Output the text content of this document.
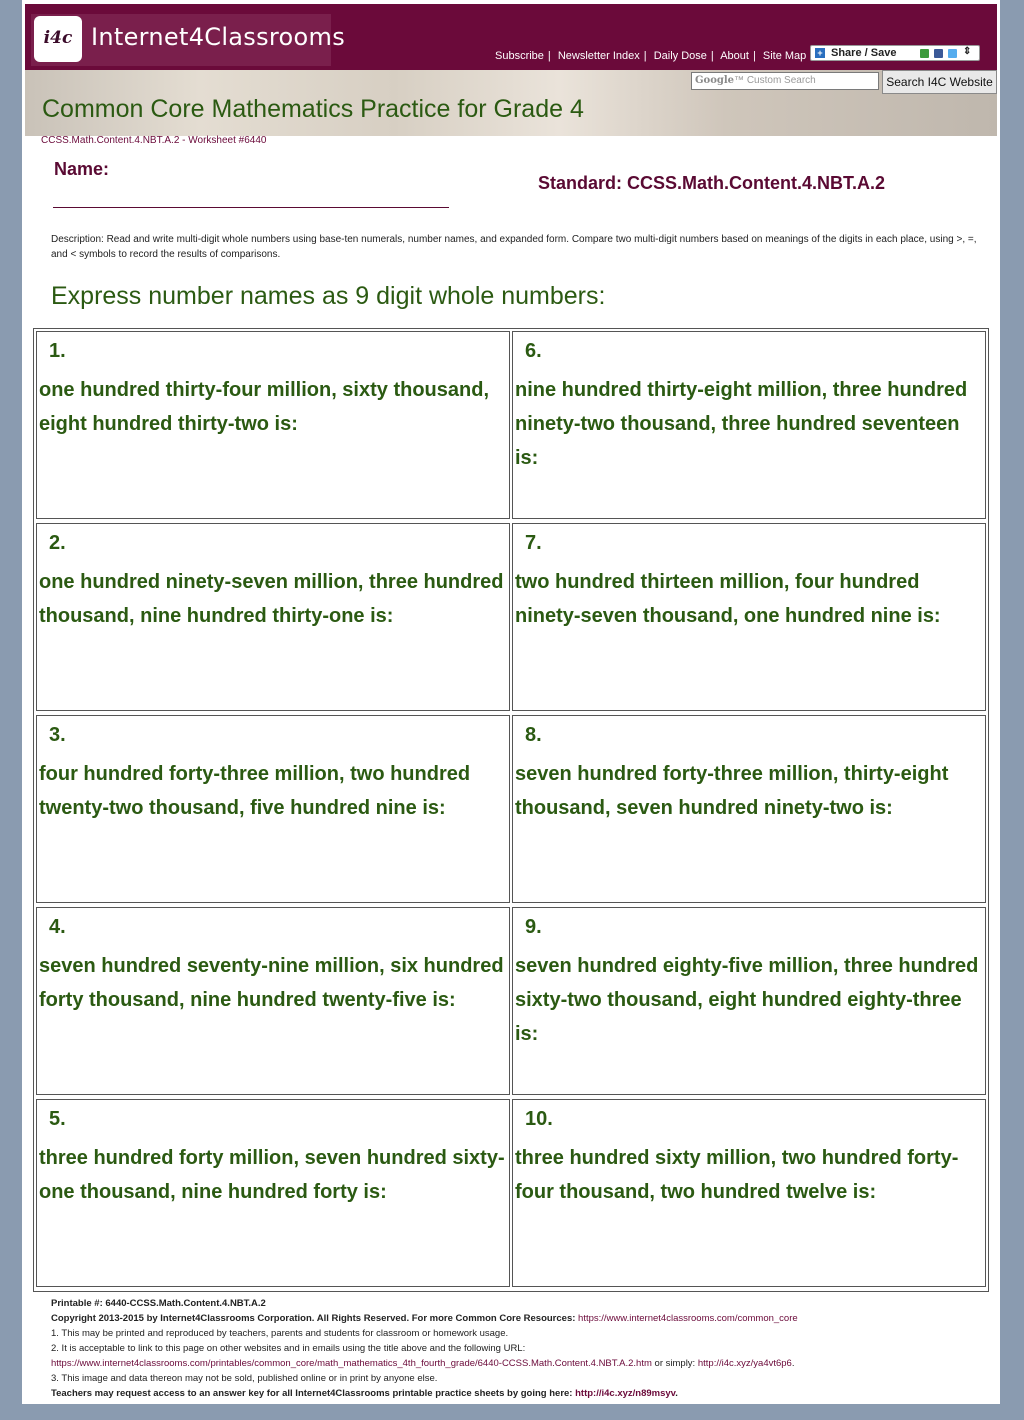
i4c Internet4Classrooms
Subscribe | Newsletter Index | Daily Dose | About | Site Map + Share / Save	⇕
Google™ Custom Search	Search I4C Website
Common Core Mathematics Practice for Grade 4
CCSS.Math.Content.4.NBT.A.2 - Worksheet #6440
Name:
Standard: CCSS.Math.Content.4.NBT.A.2
Description: Read and write multi-digit whole numbers using base-ten numerals, number names, and expanded form. Compare two multi-digit numbers based on meanings of the digits in each place, using >, =, and < symbols to record the results of comparisons.
Express number names as 9 digit whole numbers:
1.
one hundred thirty-four million, sixty thousand, eight hundred thirty-two is:
2.
one hundred ninety-seven million, three hundred thousand, nine hundred thirty-one is:
3.
four hundred forty-three million, two hundred twenty-two thousand, five hundred nine is:
4.
seven hundred seventy-nine million, six hundred forty thousand, nine hundred twenty-five is:
5.
three hundred forty million, seven hundred sixty-one thousand, nine hundred forty is:
6.
nine hundred thirty-eight million, three hundred ninety-two thousand, three hundred seventeen is:
7.
two hundred thirteen million, four hundred ninety-seven thousand, one hundred nine is:
8.
seven hundred forty-three million, thirty-eight thousand, seven hundred ninety-two is:
9.
seven hundred eighty-five million, three hundred sixty-two thousand, eight hundred eighty-three is:
10.
three hundred sixty million, two hundred forty-four thousand, two hundred twelve is:
Printable #: 6440-CCSS.Math.Content.4.NBT.A.2
Copyright 2013-2015 by Internet4Classrooms Corporation. All Rights Reserved. For more Common Core Resources: https://www.internet4classrooms.com/common_core
1. This may be printed and reproduced by teachers, parents and students for classroom or homework usage.
2. It is acceptable to link to this page on other websites and in emails using the title above and the following URL:
https://www.internet4classrooms.com/printables/common_core/math_mathematics_4th_fourth_grade/6440-CCSS.Math.Content.4.NBT.A.2.htm or simply: http://i4c.xyz/ya4vt6p6.
3. This image and data thereon may not be sold, published online or in print by anyone else.
Teachers may request access to an answer key for all Internet4Classrooms printable practice sheets by going here: http://i4c.xyz/n89msyv.
